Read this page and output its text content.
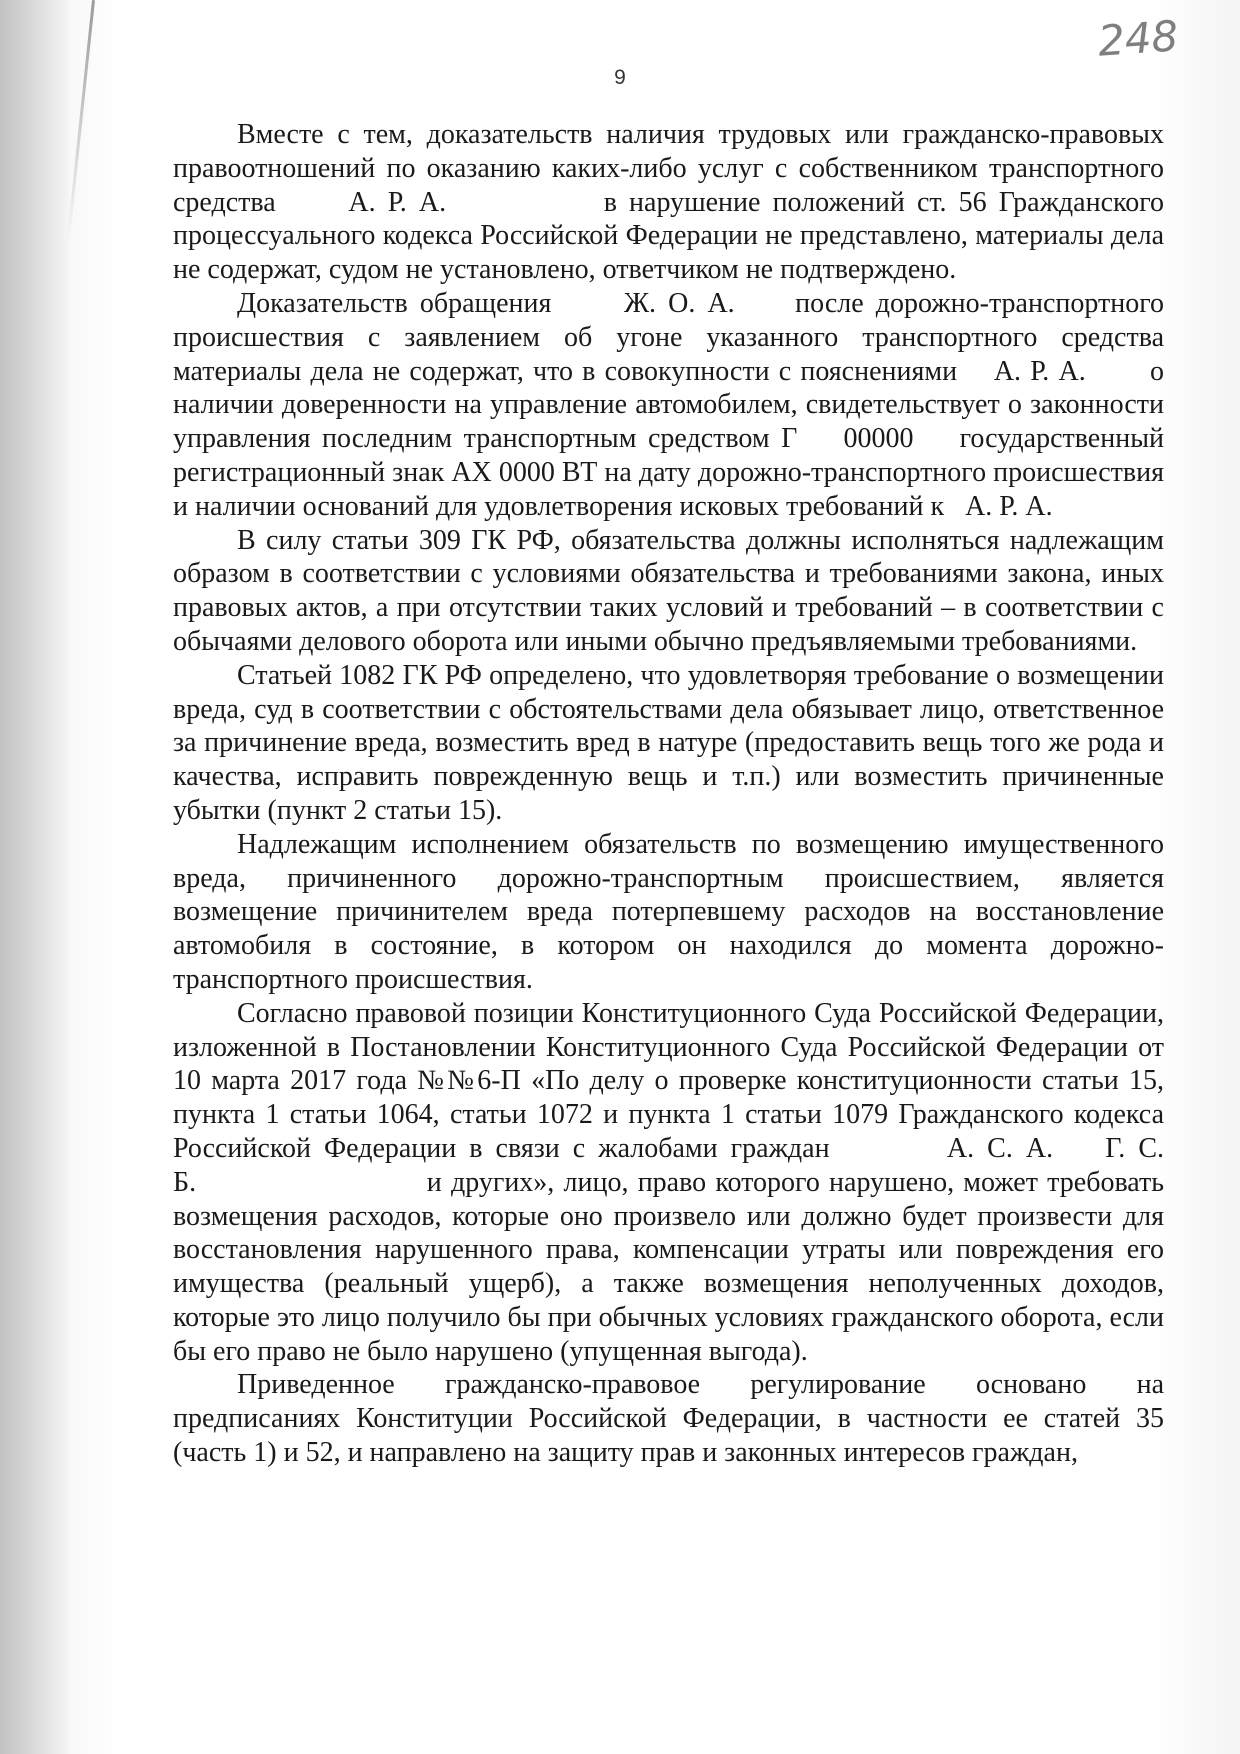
248
9

Вместе с тем, доказательств наличия трудовых или гражданско-правовых правоотношений по оказанию каких-либо услуг с собственником транспортного средства      А. Р. А.             в нарушение положений ст. 56 Гражданского процессуального кодекса Российской Федерации не представлено, материалы дела не содержат, судом не установлено, ответчиком не подтверждено.

Доказательств обращения      Ж. О. А.     после дорожно-транспортного происшествия с заявлением об угоне указанного транспортного средства материалы дела не содержат, что в совокупности с пояснениями    А. Р. А.       о наличии доверенности на управление автомобилем, свидетельствует о законности управления последним транспортным средством Г    00000    государственный регистрационный знак АХ 0000 ВТ на дату дорожно-транспортного происшествия и наличии оснований для удовлетворения исковых требований к   А. Р. А.

В силу статьи 309 ГК РФ, обязательства должны исполняться надлежащим образом в соответствии с условиями обязательства и требованиями закона, иных правовых актов, а при отсутствии таких условий и требований – в соответствии с обычаями делового оборота или иными обычно предъявляемыми требованиями.

Статьей 1082 ГК РФ определено, что удовлетворяя требование о возмещении вреда, суд в соответствии с обстоятельствами дела обязывает лицо, ответственное за причинение вреда, возместить вред в натуре (предоставить вещь того же рода и качества, исправить поврежденную вещь и т.п.) или возместить причиненные убытки (пункт 2 статьи 15).

Надлежащим исполнением обязательств по возмещению имущественного вреда, причиненного дорожно-транспортным происшествием, является возмещение причинителем вреда потерпевшему расходов на восстановление автомобиля в состояние, в котором он находился до момента дорожно-транспортного происшествия.

Согласно правовой позиции Конституционного Суда Российской Федерации, изложенной в Постановлении Конституционного Суда Российской Федерации от 10 марта 2017 года №№6-П «По делу о проверке конституционности статьи 15, пункта 1 статьи 1064, статьи 1072 и пункта 1 статьи 1079 Гражданского кодекса Российской Федерации в связи с жалобами граждан         А. С. А.    Г. С. Б.                         и других», лицо, право которого нарушено, может требовать возмещения расходов, которые оно произвело или должно будет произвести для восстановления нарушенного права, компенсации утраты или повреждения его имущества (реальный ущерб), а также возмещения неполученных доходов, которые это лицо получило бы при обычных условиях гражданского оборота, если бы его право не было нарушено (упущенная выгода).

Приведенное гражданско-правовое регулирование основано на предписаниях Конституции Российской Федерации, в частности ее статей 35 (часть 1) и 52, и направлено на защиту прав и законных интересов граждан,
